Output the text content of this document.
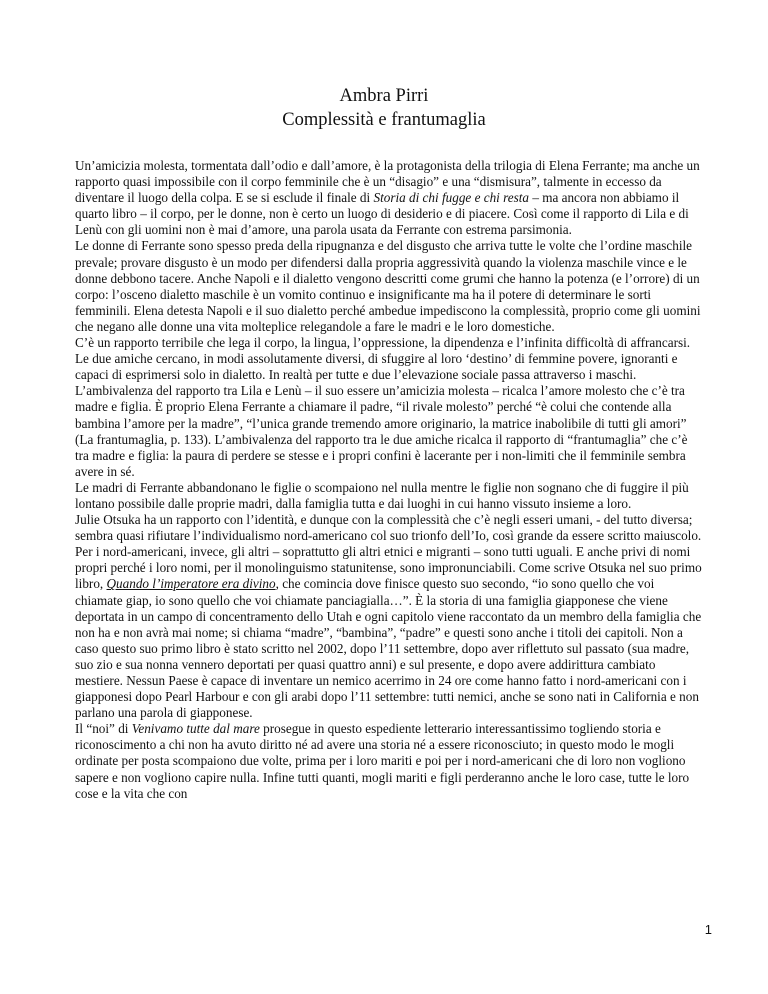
Ambra Pirri
Complessità e frantumaglia

Un’amicizia molesta, tormentata dall’odio e dall’amore, è la protagonista della trilogia di Elena Ferrante; ma anche un rapporto quasi impossibile con il corpo femminile che è un “disagio” e una “dismisura”, talmente in eccesso da diventare il luogo della colpa. E se si esclude il finale di Storia di chi fugge e chi resta – ma ancora non abbiamo il quarto libro – il corpo, per le donne, non è certo un luogo di desiderio e di piacere. Così come il rapporto di Lila e di Lenù con gli uomini non è mai d’amore, una parola usata da Ferrante con estrema parsimonia.

Le donne di Ferrante sono spesso preda della ripugnanza e del disgusto che arriva tutte le volte che l’ordine maschile prevale; provare disgusto è un modo per difendersi dalla propria aggressività quando la violenza maschile vince e le donne debbono tacere. Anche Napoli e il dialetto vengono descritti come grumi che hanno la potenza (e l’orrore) di un corpo: l’osceno dialetto maschile è un vomito continuo e insignificante ma ha il potere di determinare le sorti femminili. Elena detesta Napoli e il suo dialetto perché ambedue impediscono la complessità, proprio come gli uomini che negano alle donne una vita molteplice relegandole a fare le madri e le loro domestiche.

C’è un rapporto terribile che lega il corpo, la lingua, l’oppressione, la dipendenza e l’infinita difficoltà di affrancarsi. Le due amiche cercano, in modi assolutamente diversi, di sfuggire al loro ‘destino’ di femmine povere, ignoranti e capaci di esprimersi solo in dialetto. In realtà per tutte e due l’elevazione sociale passa attraverso i maschi.

L’ambivalenza del rapporto tra Lila e Lenù – il suo essere un’amicizia molesta – ricalca l’amore molesto che c’è tra madre e figlia. È proprio Elena Ferrante a chiamare il padre, “il rivale molesto” perché “è colui che contende alla bambina l’amore per la madre”, “l’unica grande tremendo amore originario, la matrice inabolibile di tutti gli amori” (La frantumaglia, p. 133). L’ambivalenza del rapporto tra le due amiche ricalca il rapporto di “frantumaglia” che c’è tra madre e figlia: la paura di perdere se stesse e i propri confini è lacerante per i non-limiti che il femminile sembra avere in sé.

Le madri di Ferrante abbandonano le figlie o scompaiono nel nulla mentre le figlie non sognano che di fuggire il più lontano possibile dalle proprie madri, dalla famiglia tutta e dai luoghi in cui hanno vissuto insieme a loro.

Julie Otsuka ha un rapporto con l’identità, e dunque con la complessità che c’è negli esseri umani, - del tutto diversa; sembra quasi rifiutare l’individualismo nord-americano col suo trionfo dell’Io, così grande da essere scritto maiuscolo. Per i nord-americani, invece, gli altri – soprattutto gli altri etnici e migranti – sono tutti uguali. E anche privi di nomi propri perché i loro nomi, per il monolinguismo statunitense, sono impronunciabili. Come scrive Otsuka nel suo primo libro, Quando l’imperatore era divino, che comincia dove finisce questo suo secondo, “io sono quello che voi chiamate giap, io sono quello che voi chiamate panciagialla…”. È la storia di una famiglia giapponese che viene deportata in un campo di concentramento dello Utah e ogni capitolo viene raccontato da un membro della famiglia che non ha e non avrà mai nome; si chiama “madre”, “bambina”, “padre” e questi sono anche i titoli dei capitoli. Non a caso questo suo primo libro è stato scritto nel 2002, dopo l’11 settembre, dopo aver riflettuto sul passato (sua madre, suo zio e sua nonna vennero deportati per quasi quattro anni) e sul presente, e dopo avere addirittura cambiato mestiere. Nessun Paese è capace di inventare un nemico acerrimo in 24 ore come hanno fatto i nord-americani con i giapponesi dopo Pearl Harbour e con gli arabi dopo l’11 settembre: tutti nemici, anche se sono nati in California e non parlano una parola di giapponese.

Il “noi” di Venivamo tutte dal mare prosegue in questo espediente letterario interessantissimo togliendo storia e riconoscimento a chi non ha avuto diritto né ad avere una storia né a essere riconosciuto; in questo modo le mogli ordinate per posta scompaiono due volte, prima per i loro mariti e poi per i nord-americani che di loro non vogliono sapere e non vogliono capire nulla. Infine tutti quanti, mogli mariti e figli perderanno anche le loro case, tutte le loro cose e la vita che con

1
